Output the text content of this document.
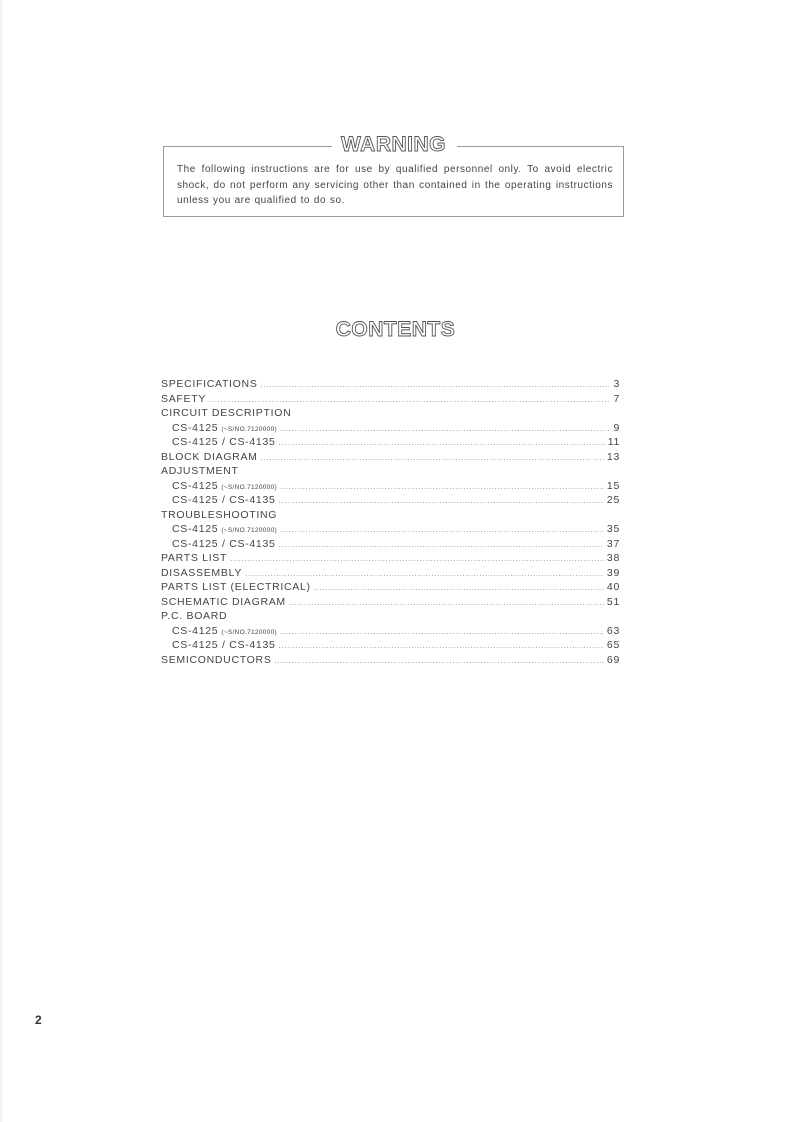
WARNING
The following instructions are for use by qualified personnel only. To avoid electric shock, do not perform any servicing other than contained in the operating instructions unless you are qualified to do so.
CONTENTS
SPECIFICATIONS .....	3
SAFETY .....	7
CIRCUIT DESCRIPTION
CS-4125 (~S/NO.7120000) .....	9
CS-4125 / CS-4135 .....	11
BLOCK DIAGRAM .....	13
ADJUSTMENT
CS-4125 (~S/NO.7120000) .....	15
CS-4125 / CS-4135 .....	25
TROUBLESHOOTING
CS-4125 (~S/NO.7120000) .....	35
CS-4125 / CS-4135 .....	37
PARTS LIST .....	38
DISASSEMBLY .....	39
PARTS LIST (ELECTRICAL) .....	40
SCHEMATIC DIAGRAM .....	51
P.C. BOARD
CS-4125 (~S/NO.7120000) .....	63
CS-4125 / CS-4135 .....	65
SEMICONDUCTORS .....	69
2
